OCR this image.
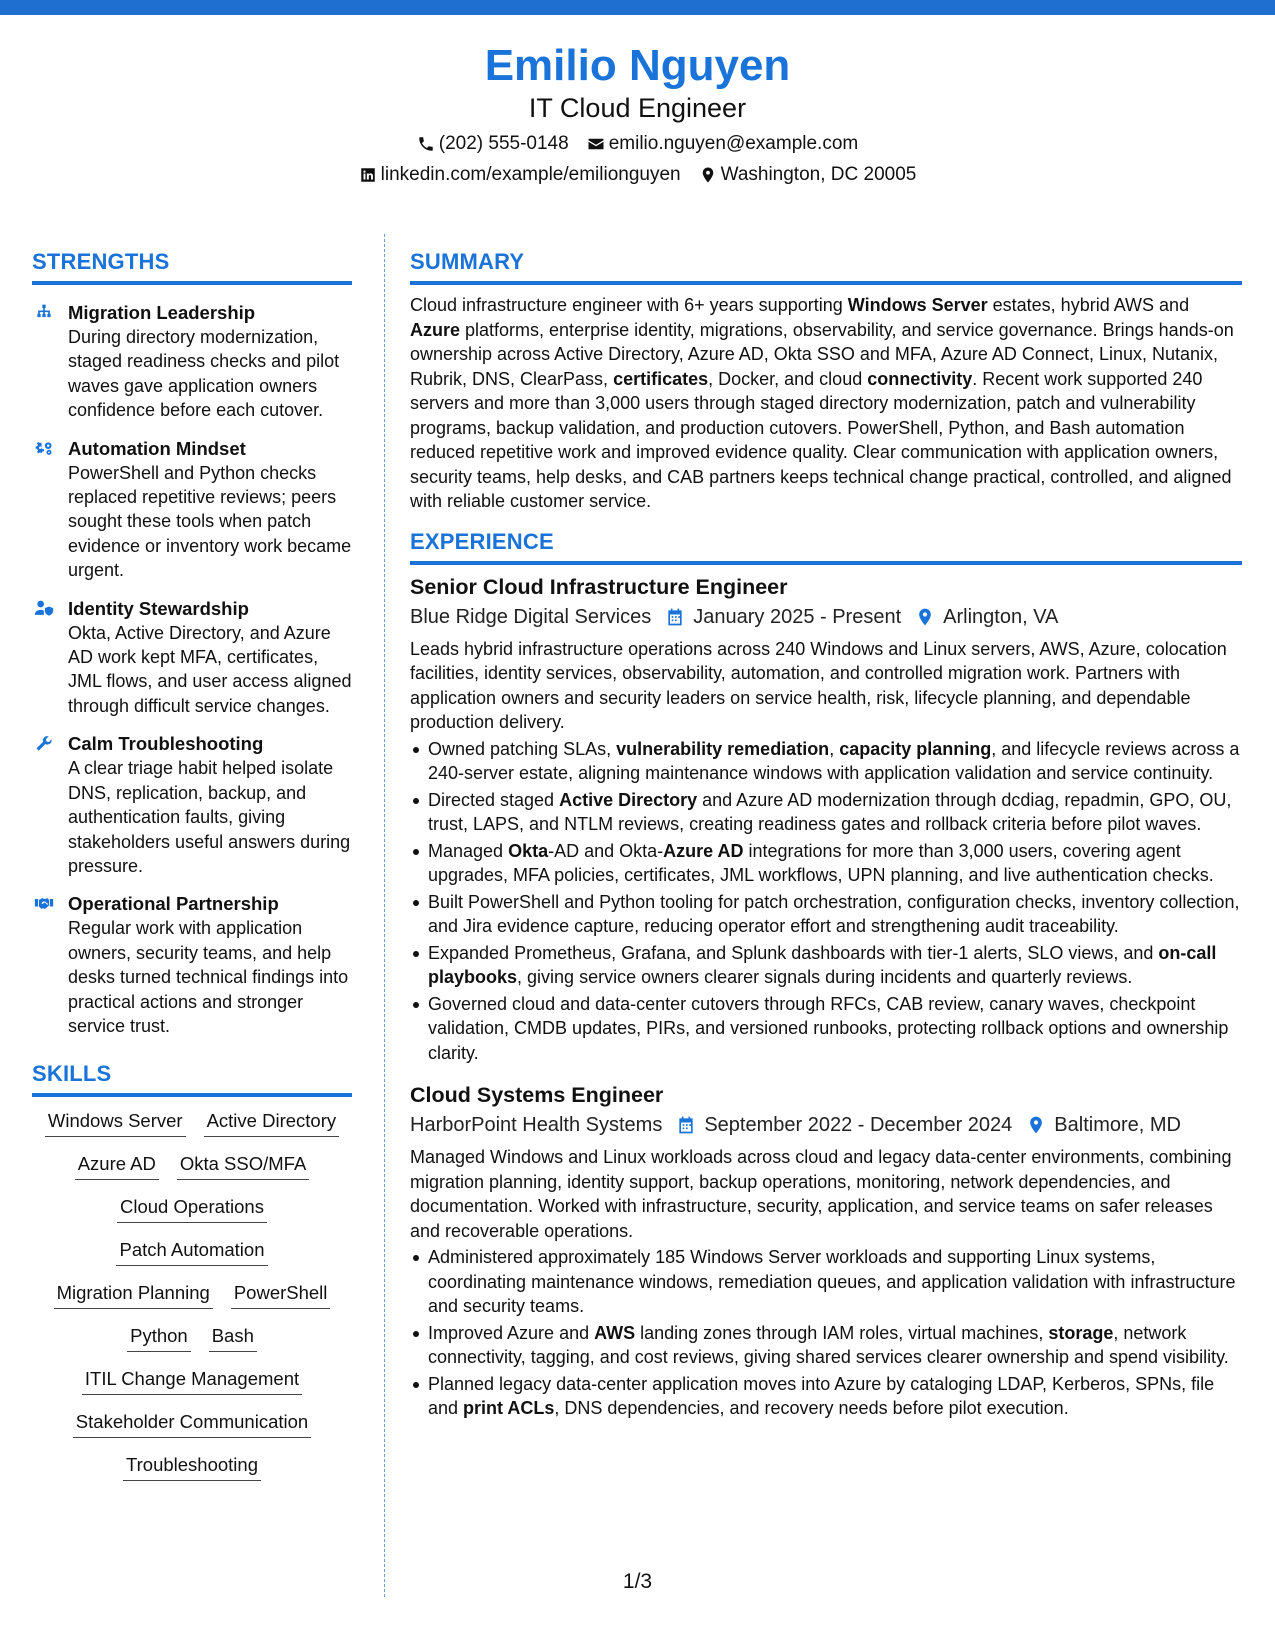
Emilio Nguyen
IT Cloud Engineer
(202) 555-0148 emilio.nguyen@example.com
linkedin.com/example/emilionguyen Washington, DC 20005
STRENGTHS
Migration Leadership
During directory modernization, staged readiness checks and pilot waves gave application owners confidence before each cutover.
Automation Mindset
PowerShell and Python checks replaced repetitive reviews; peers sought these tools when patch evidence or inventory work became urgent.
Identity Stewardship
Okta, Active Directory, and Azure AD work kept MFA, certificates, JML flows, and user access aligned through difficult service changes.
Calm Troubleshooting
A clear triage habit helped isolate DNS, replication, backup, and authentication faults, giving stakeholders useful answers during pressure.
Operational Partnership
Regular work with application owners, security teams, and help desks turned technical findings into practical actions and stronger service trust.
SKILLS
Windows Server Active Directory
Azure AD Okta SSO/MFA
Cloud Operations
Patch Automation
Migration Planning PowerShell
Python Bash
ITIL Change Management
Stakeholder Communication
Troubleshooting
SUMMARY
Cloud infrastructure engineer with 6+ years supporting Windows Server estates, hybrid AWS and Azure platforms, enterprise identity, migrations, observability, and service governance. Brings hands-on ownership across Active Directory, Azure AD, Okta SSO and MFA, Azure AD Connect, Linux, Nutanix, Rubrik, DNS, ClearPass, certificates, Docker, and cloud connectivity. Recent work supported 240 servers and more than 3,000 users through staged directory modernization, patch and vulnerability programs, backup validation, and production cutovers. PowerShell, Python, and Bash automation reduced repetitive work and improved evidence quality. Clear communication with application owners, security teams, help desks, and CAB partners keeps technical change practical, controlled, and aligned with reliable customer service.
EXPERIENCE
Senior Cloud Infrastructure Engineer
Blue Ridge Digital Services January 2025 - Present Arlington, VA
Leads hybrid infrastructure operations across 240 Windows and Linux servers, AWS, Azure, colocation facilities, identity services, observability, automation, and controlled migration work. Partners with application owners and security leaders on service health, risk, lifecycle planning, and dependable production delivery.
Owned patching SLAs, vulnerability remediation, capacity planning, and lifecycle reviews across a 240-server estate, aligning maintenance windows with application validation and service continuity.
Directed staged Active Directory and Azure AD modernization through dcdiag, repadmin, GPO, OU, trust, LAPS, and NTLM reviews, creating readiness gates and rollback criteria before pilot waves.
Managed Okta-AD and Okta-Azure AD integrations for more than 3,000 users, covering agent upgrades, MFA policies, certificates, JML workflows, UPN planning, and live authentication checks.
Built PowerShell and Python tooling for patch orchestration, configuration checks, inventory collection, and Jira evidence capture, reducing operator effort and strengthening audit traceability.
Expanded Prometheus, Grafana, and Splunk dashboards with tier-1 alerts, SLO views, and on-call playbooks, giving service owners clearer signals during incidents and quarterly reviews.
Governed cloud and data-center cutovers through RFCs, CAB review, canary waves, checkpoint validation, CMDB updates, PIRs, and versioned runbooks, protecting rollback options and ownership clarity.
Cloud Systems Engineer
HarborPoint Health Systems September 2022 - December 2024 Baltimore, MD
Managed Windows and Linux workloads across cloud and legacy data-center environments, combining migration planning, identity support, backup operations, monitoring, network dependencies, and documentation. Worked with infrastructure, security, application, and service teams on safer releases and recoverable operations.
Administered approximately 185 Windows Server workloads and supporting Linux systems, coordinating maintenance windows, remediation queues, and application validation with infrastructure and security teams.
Improved Azure and AWS landing zones through IAM roles, virtual machines, storage, network connectivity, tagging, and cost reviews, giving shared services clearer ownership and spend visibility.
Planned legacy data-center application moves into Azure by cataloging LDAP, Kerberos, SPNs, file and print ACLs, DNS dependencies, and recovery needs before pilot execution.
1/3
